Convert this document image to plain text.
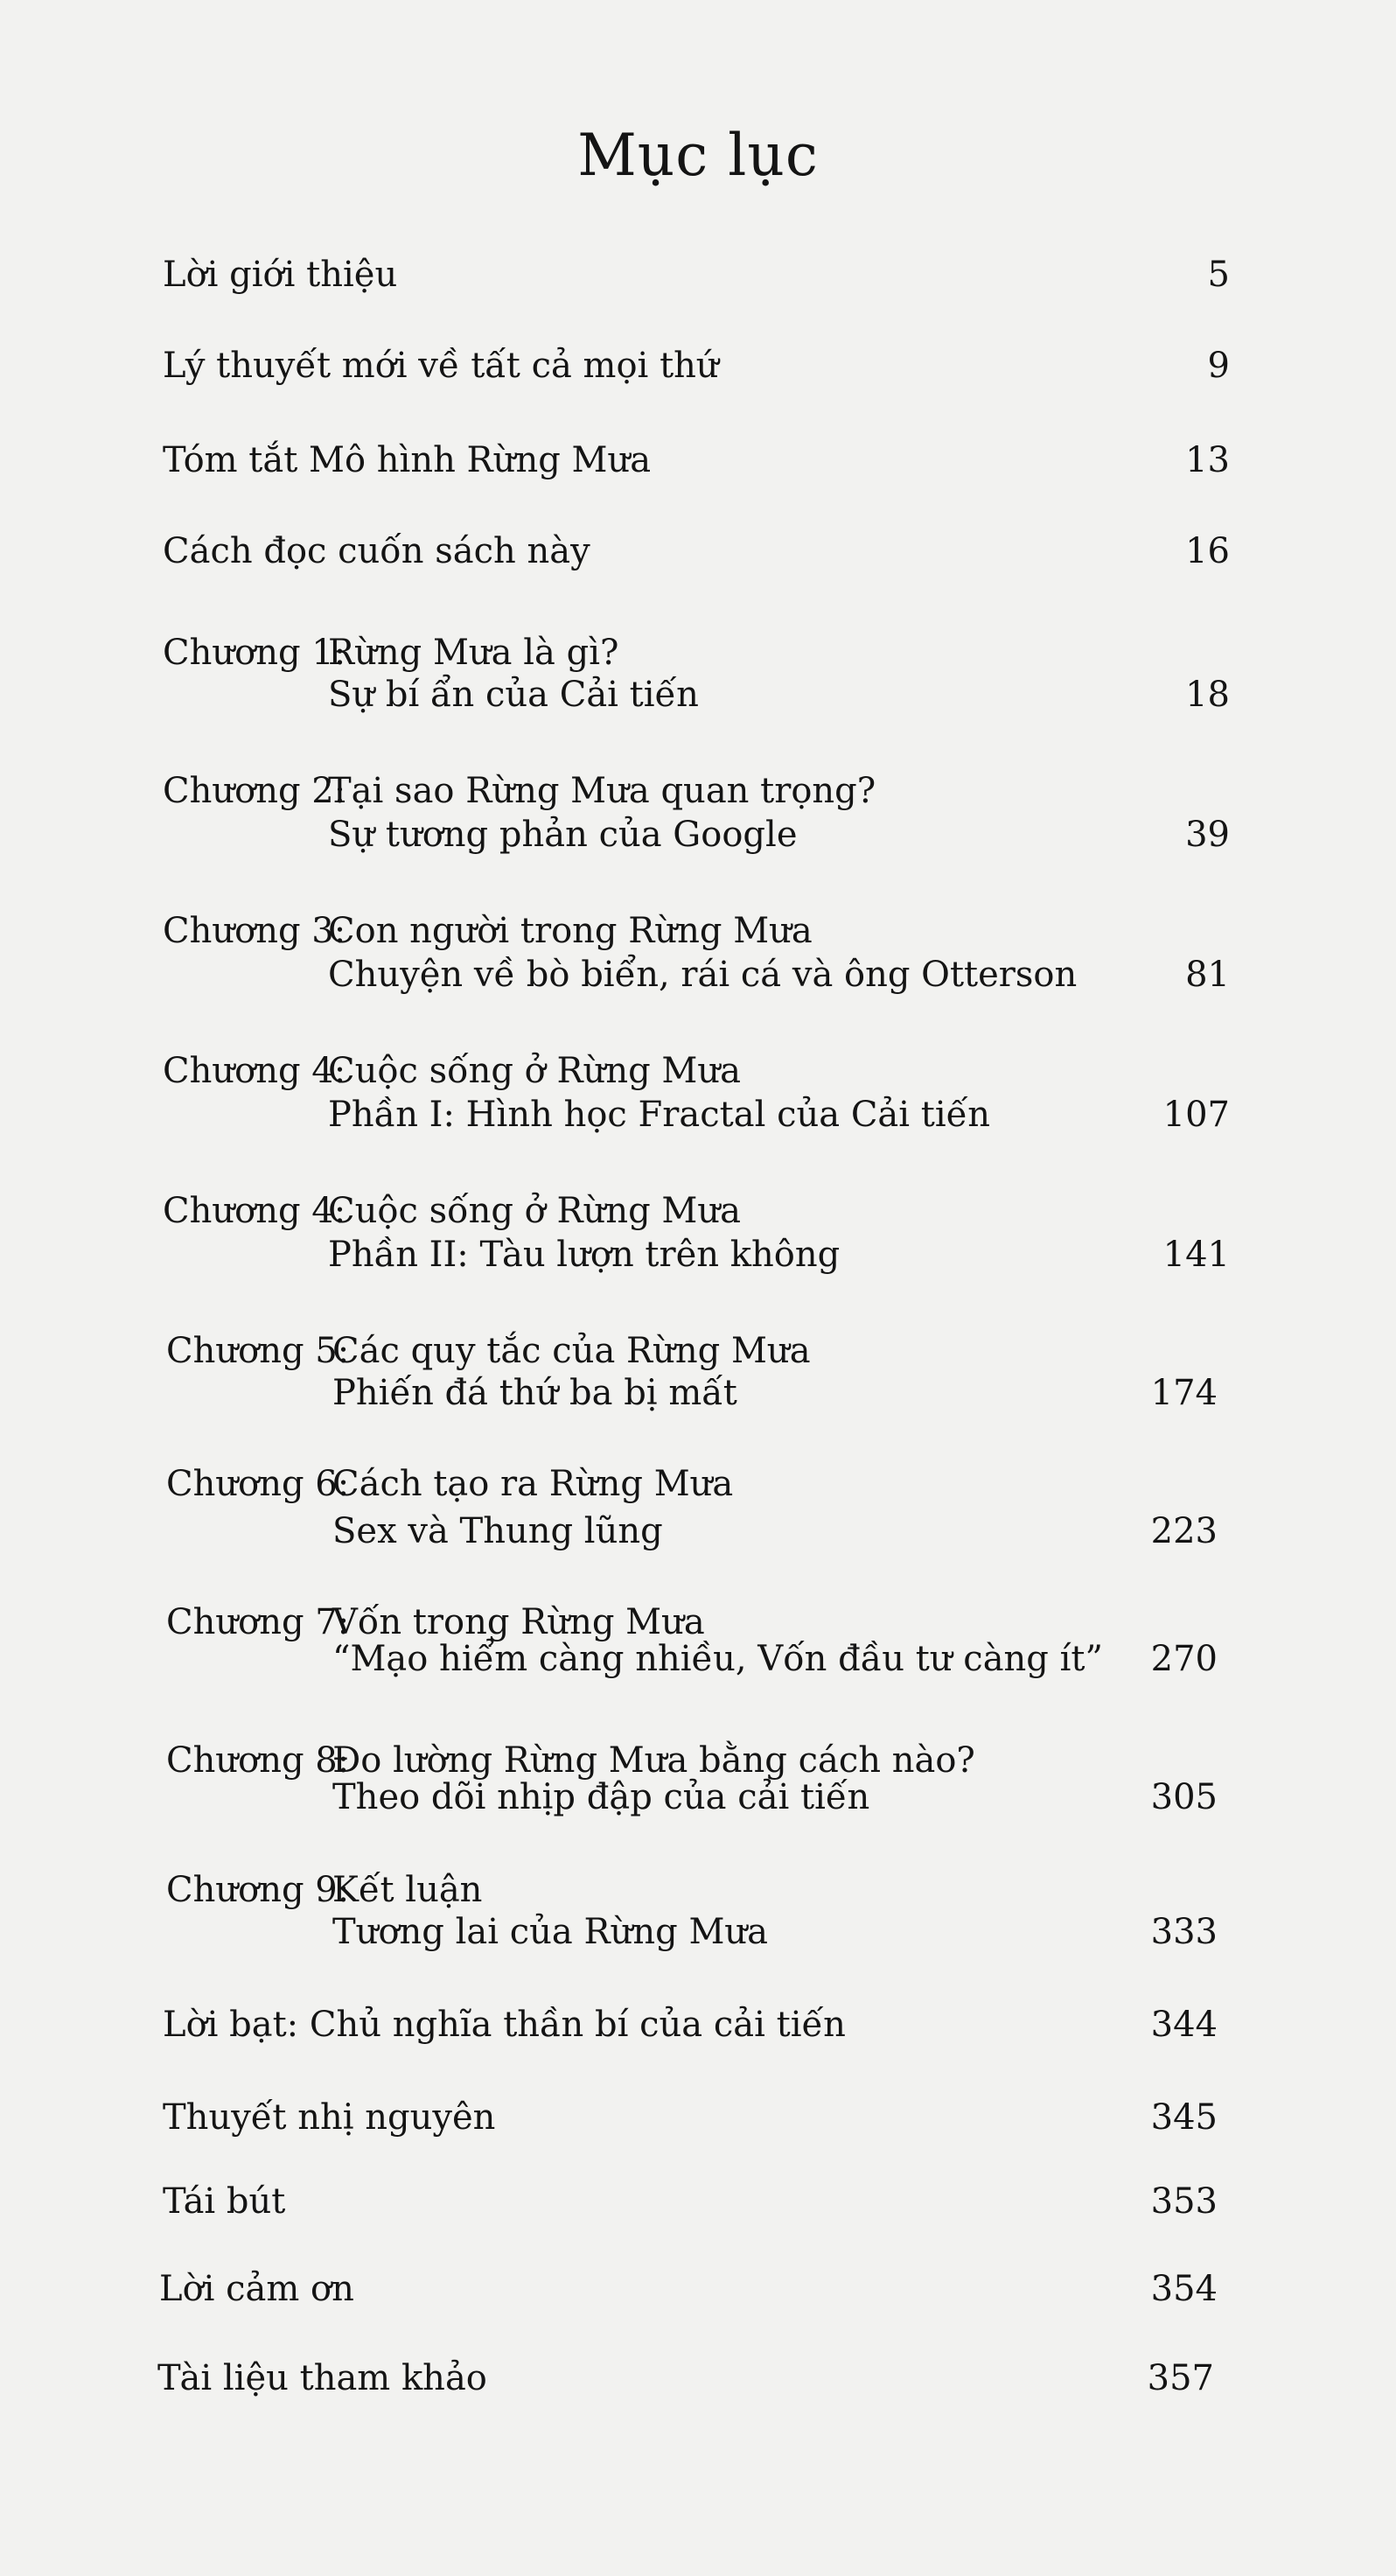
Mục lục
Lời giới thiệu	5
Lý thuyết mới về tất cả mọi thứ	9
Tóm tắt Mô hình Rừng Mưa	13
Cách đọc cuốn sách này	16
Chương 1:
Rừng Mưa là gì?
Sự bí ẩn của Cải tiến	18
Chương 2:
Tại sao Rừng Mưa quan trọng?
Sự tương phản của Google	39
Chương 3:
Con người trong Rừng Mưa
Chuyện về bò biển, rái cá và ông Otterson	81
Chương 4:
Cuộc sống ở Rừng Mưa
Phần I: Hình học Fractal của Cải tiến	107
Chương 4:
Cuộc sống ở Rừng Mưa
Phần II: Tàu lượn trên không	141
Chương 5:
Các quy tắc của Rừng Mưa
Phiến đá thứ ba bị mất	174
Chương 6:
Cách tạo ra Rừng Mưa
Sex và Thung lũng	223
Chương 7:
Vốn trong Rừng Mưa
“Mạo hiểm càng nhiều, Vốn đầu tư càng ít” 270
Chương 8:
Đo lường Rừng Mưa bằng cách nào?
Theo dõi nhịp đập của cải tiến	305
Chương 9:
Kết luận
Tương lai của Rừng Mưa	333
Lời bạt: Chủ nghĩa thần bí của cải tiến	344
Thuyết nhị nguyên	345
Tái bút	353
Lời cảm ơn	354
Tài liệu tham khảo	357
